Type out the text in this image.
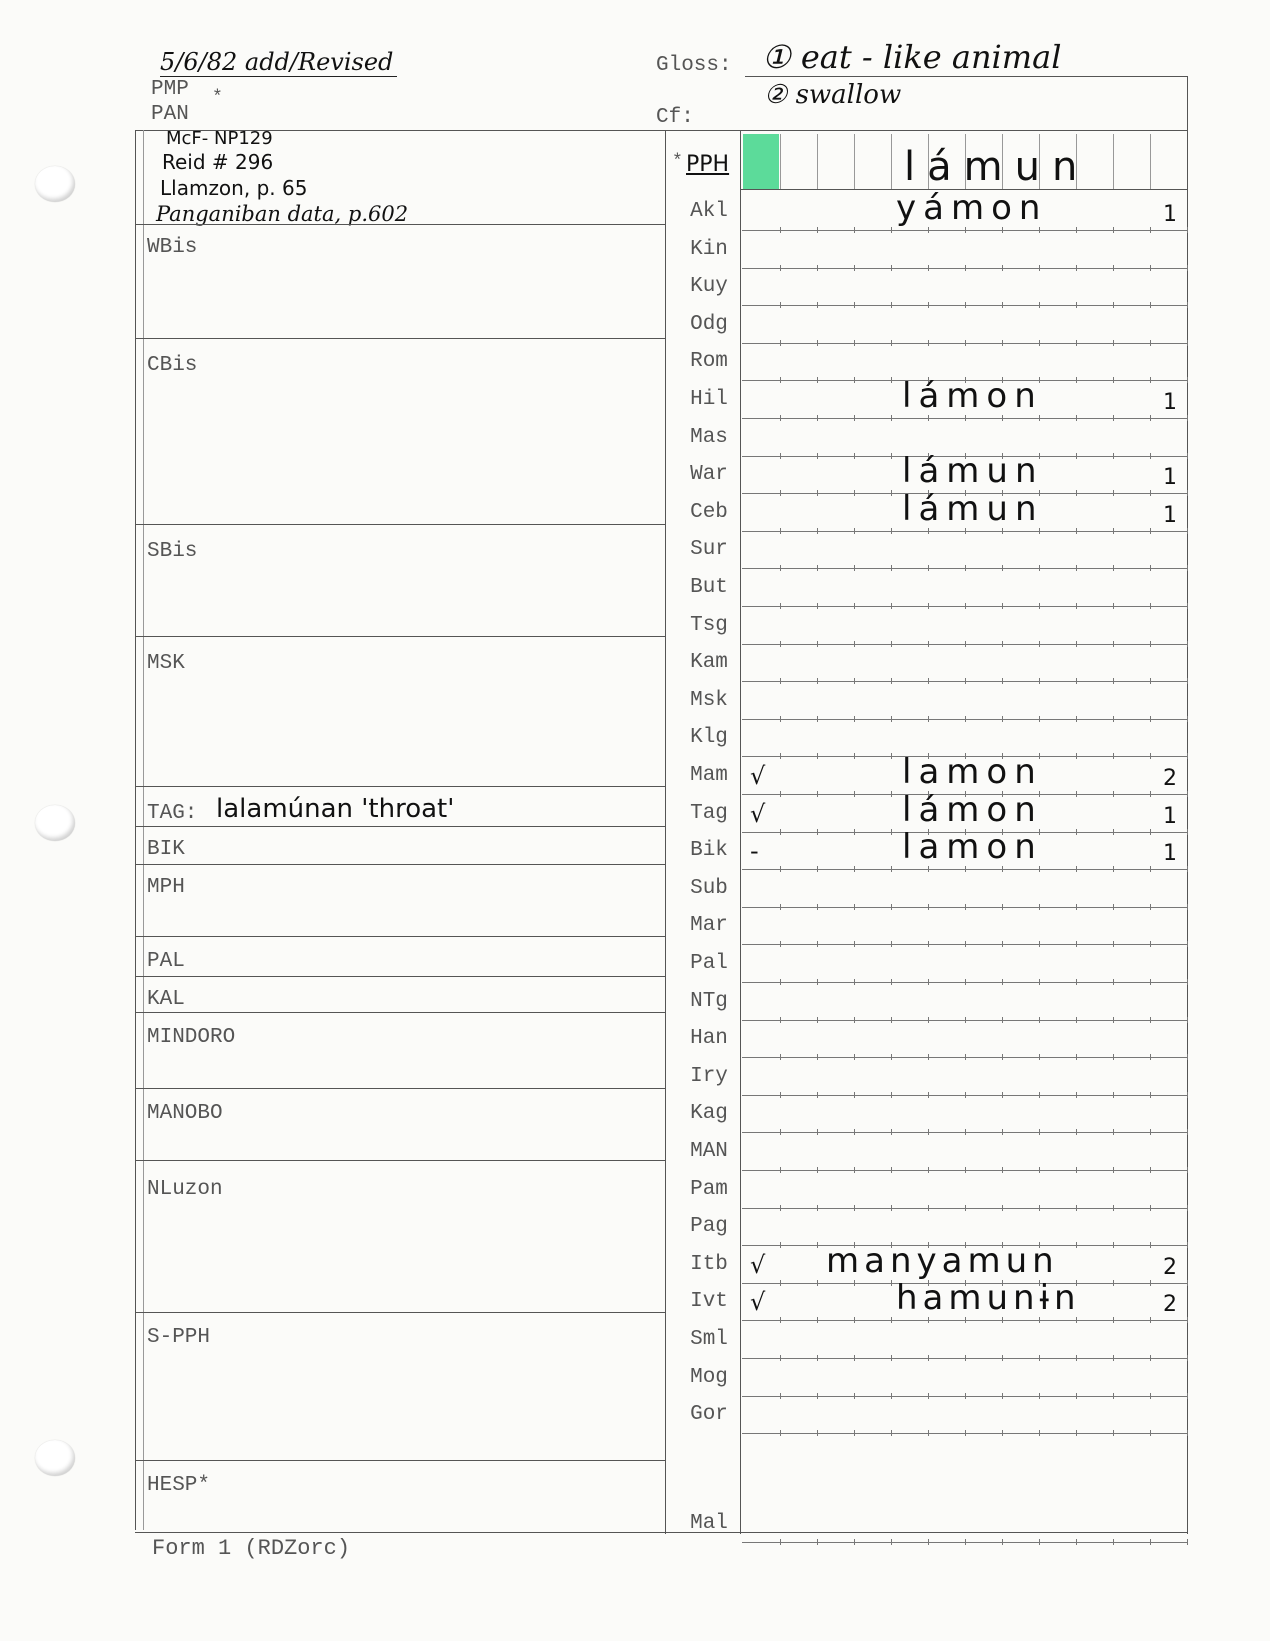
5/6/82 add/Revised
PMP *
PAN
Gloss: ① eat - like animal
② swallow
Cf:
McF- NP129
Reid # 296
Llamzon, p. 65
Panganiban data, p.602
WBis
CBis
SBis
MSK
TAG: lalamúnan 'throat'
BIK
MPH
PAL
KAL
MINDORO
MANOBO
NLuzon
S-PPH
HESP*
* PPH	lámun
Akl	yámon	1
Kin
Kuy
Odg
Rom
Hil	lámon	1
Mas
War	lámun	1
Ceb	lámun	1
Sur
But
Tsg
Kam
Msk
Klg
Mam √	lamon	2
Tag √	lámon	1
Bik -	lamon	1
Sub
Mar
Pal
NTg
Han
Iry
Kag
MAN
Pam
Pag
Itb √	manyamun	2
Ivt √	hamunɨn	2
Sml
Mog
Gor
Mal
Form 1 (RDZorc)
